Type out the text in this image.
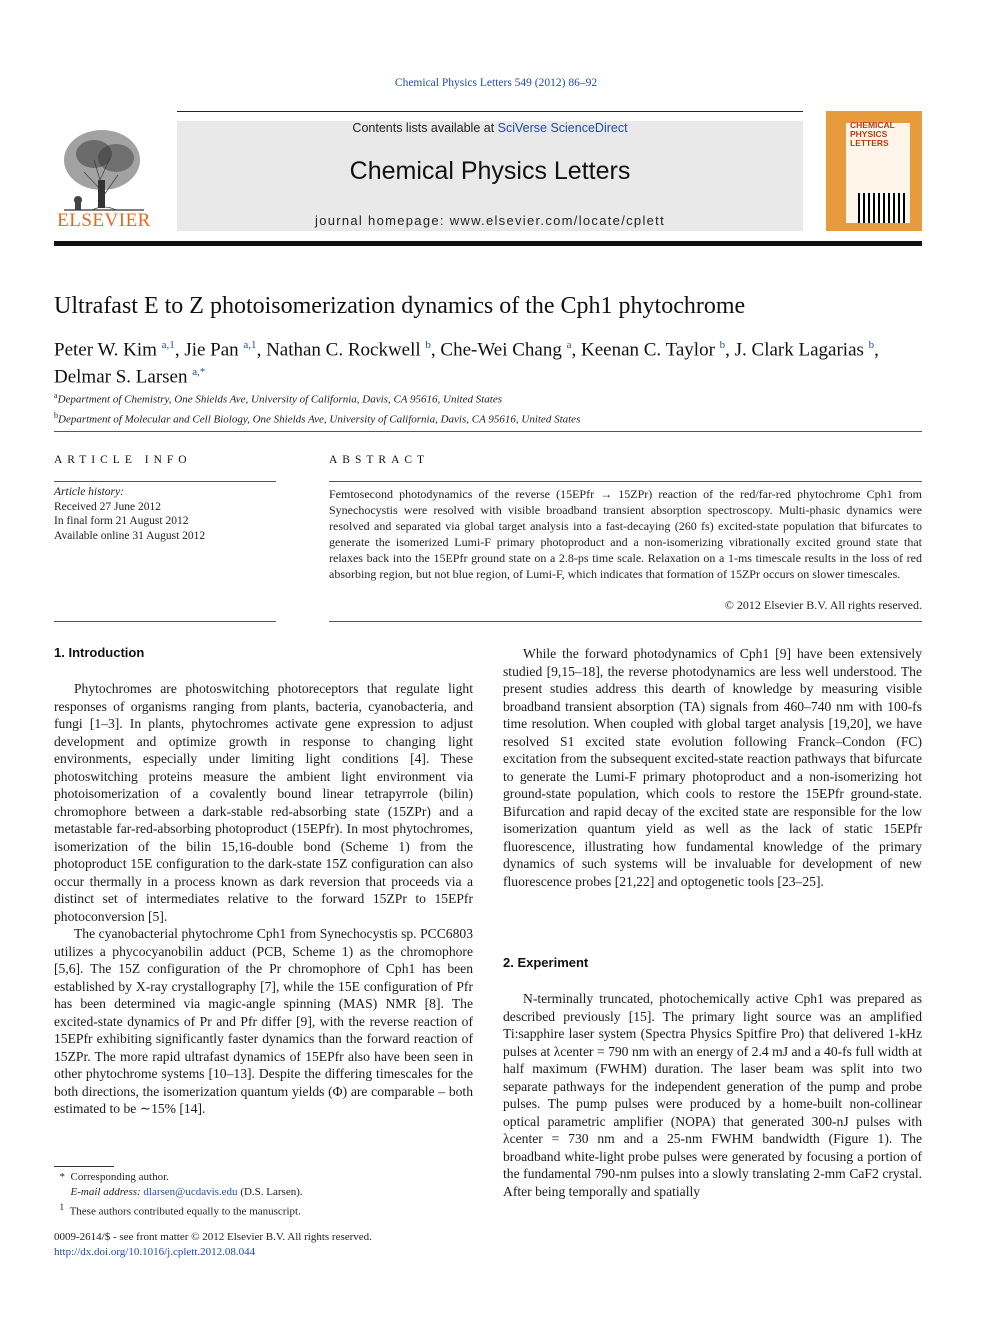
Chemical Physics Letters 549 (2012) 86–92
ELSEVIER
Contents lists available at SciVerse ScienceDirect
Chemical Physics Letters
journal homepage: www.elsevier.com/locate/cplett
CHEMICAL PHYSICS LETTERS
Ultrafast E to Z photoisomerization dynamics of the Cph1 phytochrome
Peter W. Kim $^{a,1}$, Jie Pan $^{a,1}$, Nathan C. Rockwell $^b$, Che-Wei Chang $^a$, Keenan C. Taylor $^b$, J. Clark Lagarias $^b$,
Delmar S. Larsen $^{a,*}$
$^a$Department of Chemistry, One Shields Ave, University of California, Davis, CA 95616, United States
$^b$Department of Molecular and Cell Biology, One Shields Ave, University of California, Davis, CA 95616, United States
ARTICLE INFO	ABSTRACT
Article history:
Received 27 June 2012
In final form 21 August 2012
Available online 31 August 2012
Femtosecond photodynamics of the reverse (15EPfr → 15ZPr) reaction of the red/far-red phytochrome Cph1 from Synechocystis were resolved with visible broadband transient absorption spectroscopy. Multi-phasic dynamics were resolved and separated via global target analysis into a fast-decaying (260 fs) excited-state population that bifurcates to generate the isomerized Lumi-F primary photoproduct and a non-isomerizing vibrationally excited ground state that relaxes back into the 15EPfr ground state on a 2.8-ps time scale. Relaxation on a 1-ms timescale results in the loss of red absorbing region, but not blue region, of Lumi-F, which indicates that formation of 15ZPr occurs on slower timescales.
© 2012 Elsevier B.V. All rights reserved.
1. Introduction

Phytochromes are photoswitching photoreceptors that regulate light responses of organisms ranging from plants, bacteria, cyanobacteria, and fungi [1–3]. In plants, phytochromes activate gene expression to adjust development and optimize growth in response to changing light environments, especially under limiting light conditions [4]. These photoswitching proteins measure the ambient light environment via photoisomerization of a covalently bound linear tetrapyrrole (bilin) chromophore between a dark-stable red-absorbing state (15ZPr) and a metastable far-red-absorbing photoproduct (15EPfr). In most phytochromes, isomerization of the bilin 15,16-double bond (Scheme 1) from the photoproduct 15E configuration to the dark-state 15Z configuration can also occur thermally in a process known as dark reversion that proceeds via a distinct set of intermediates relative to the forward 15ZPr to 15EPfr photoconversion [5].

The cyanobacterial phytochrome Cph1 from Synechocystis sp. PCC6803 utilizes a phycocyanobilin adduct (PCB, Scheme 1) as the chromophore [5,6]. The 15Z configuration of the Pr chromophore of Cph1 has been established by X-ray crystallography [7], while the 15E configuration of Pfr has been determined via magic-angle spinning (MAS) NMR [8]. The excited-state dynamics of Pr and Pfr differ [9], with the reverse reaction of 15EPfr exhibiting significantly faster dynamics than the forward reaction of 15ZPr. The more rapid ultrafast dynamics of 15EPfr also have been seen in other phytochrome systems [10–13]. Despite the differing timescales for the both directions, the isomerization quantum yields (Φ) are comparable – both estimated to be ∼15% [14].

While the forward photodynamics of Cph1 [9] have been extensively studied [9,15–18], the reverse photodynamics are less well understood. The present studies address this dearth of knowledge by measuring visible broadband transient absorption (TA) signals from 460–740 nm with 100-fs time resolution. When coupled with global target analysis [19,20], we have resolved S1 excited state evolution following Franck–Condon (FC) excitation from the subsequent excited-state reaction pathways that bifurcate to generate the Lumi-F primary photoproduct and a non-isomerizing hot ground-state population, which cools to restore the 15EPfr ground-state. Bifurcation and rapid decay of the excited state are responsible for the low isomerization quantum yield as well as the lack of static 15EPfr fluorescence, illustrating how fundamental knowledge of the primary dynamics of such systems will be invaluable for development of new fluorescence probes [21,22] and optogenetic tools [23–25].

2. Experiment

N-terminally truncated, photochemically active Cph1 was prepared as described previously [15]. The primary light source was an amplified Ti:sapphire laser system (Spectra Physics Spitfire Pro) that delivered 1-kHz pulses at λcenter = 790 nm with an energy of 2.4 mJ and a 40-fs full width at half maximum (FWHM) duration. The laser beam was split into two separate pathways for the independent generation of the pump and probe pulses. The pump pulses were produced by a home-built non-collinear optical parametric amplifier (NOPA) that generated 300-nJ pulses with λcenter = 730 nm and a 25-nm FWHM bandwidth (Figure 1). The broadband white-light probe pulses were generated by focusing a portion of the fundamental 790-nm pulses into a slowly translating 2-mm CaF2 crystal. After being temporally and spatially

*  Corresponding author.
E-mail address: dlarsen@ucdavis.edu (D.S. Larsen).
$^1$ These authors contributed equally to the manuscript.
0009-2614/$ - see front matter © 2012 Elsevier B.V. All rights reserved.
http://dx.doi.org/10.1016/j.cplett.2012.08.044
